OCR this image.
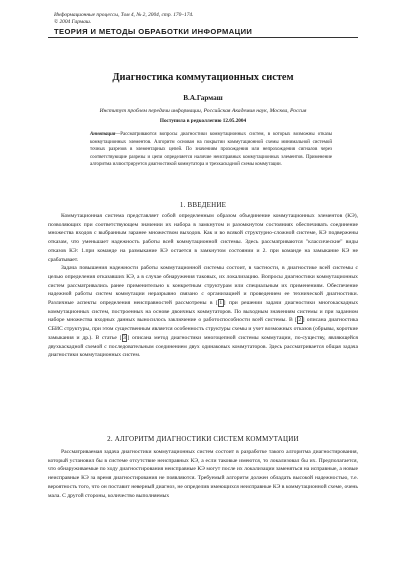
Информационные процессы, Том 4, № 2, 2004, стр. 170–174.
© 2004 Гармаш.
ТЕОРИЯ И МЕТОДЫ ОБРАБОТКИ ИНФОРМАЦИИ
Диагностика коммутационных систем
В.А.Гармаш
Институт проблем передачи информации, Российская Академия наук, Москва, Россия
Поступила в редколлегию 12.05.2004
Аннотация—Рассматриваются вопросы диагностики коммутационных систем, в которых возможны отказы коммутационных элементов. Алгоритм основан на покрытии коммутационной схемы минимальной системой точных разрезов в элементарных цепей. По значениям прохождения или непрохождения сигналов через соответствующие разрезы и цепи определяется наличие неисправных коммутационных элементов. Применение алгоритма иллюстрируется диагностикой коммутатора и трехкаскадной схемы коммутации.
1. ВВЕДЕНИЕ

Коммутационная система представляет собой определенным образом объединение коммутационных элементов (КЭ), позволяющих при соответствующем значении их набора в замкнутом и разомкнутом состояниях обеспечивать соединение множества входов с выбранным заранее множеством выходов. Как и во всякой структурно-сложной системе, КЭ подвержены отказам, что уменьшает надежность работы всей коммутационной системы. Здесь рассматриваются "классические" виды отказов КЭ: 1.при команде на размыкание КЭ остается в замкнутом состоянии и 2. при команде на замыкание КЭ не срабатывает.

Задача повышения надежности работы коммутационной системы состоит, в частности, в диагностике всей системы с целью определения отказавших КЭ, а в случае обнаружения таковых, их локализацию. Вопросы диагностики коммутационных систем рассматривались ранее применительно к конкретным структурам или специальным их применениям. Обеспечение надежной работы систем коммутации неразрывно связано с организацией и проведением ее технической диагностики. Различные аспекты определения неисправностей рассмотрены в [ 1 ] при решении задачи диагностики многокаскадных коммутационных систем, построенных на основе двоичных коммутаторов. По выходным значениям системы и при заданном наборе множества входных данных выносилось заключение о работоспособности всей системы. В [ 2 ] описана диагностика СБИС структуры, при этом существенным является особенность структуры схемы и учет возможных отказов (обрывы, короткие замыкания и др.). В статье [ 3 ] описана метод диагностики многоцепной системы коммутации, по-существу, являющейся двухкаскадной схемой с последовательным соединением двух одинаковых коммутаторов. Здесь рассматривается общая задача диагностики коммутационных систем.

2. АЛГОРИТМ ДИАГНОСТИКИ СИСТЕМ КОММУТАЦИИ

Рассматриваемая задача диагностики коммутационных систем состоит в разработке такого алгоритма диагностирования, который установил бы в системе отсутствие неисправных КЭ, а если таковые имеются, то локализовал бы их. Предполагается, что обнаруживаемые по ходу диагностирования неисправные КЭ могут после их локализации заменяться на исправные, а новые неисправные КЭ за время диагностирования не появляются. Требуемый алгоритм должен обладать высокой надежностью, т.е. вероятность того, что он поставит неверный диагноз, не определив имеющихся неисправные КЭ в коммутационной схеме, очень мала. С другой стороны, количество выполняемых
